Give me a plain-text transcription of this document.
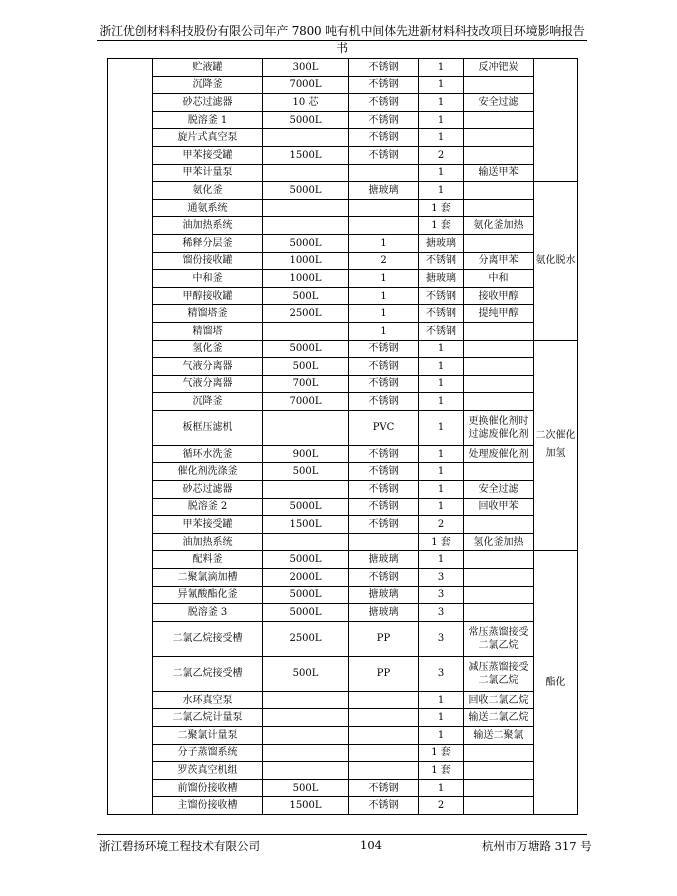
浙江优创材料科技股份有限公司年产 7800 吨有机中间体先进新材料科技改项目环境影响报告书
	贮液罐	300L	不锈钢	1	反冲钯炭	
	沉降釜	7000L	不锈钢	1		
	砂芯过滤器	10 芯	不锈钢	1	安全过滤	
	脱溶釜 1	5000L	不锈钢	1		
	旋片式真空泵		不锈钢	1		
	甲苯接受罐	1500L	不锈钢	2		
	甲苯计量泵			1	输送甲苯	
	氨化釜	5000L	搪玻璃	1		氨化脱水
	通氨系统			1 套		
	油加热系统			1 套	氨化釜加热	
	稀释分层釜	5000L	1	搪玻璃		
	馏份接收罐	1000L	2	不锈钢	分离甲苯	
	中和釜	1000L	1	搪玻璃	中和	
	甲醇接收罐	500L	1	不锈钢	接收甲醇	
	精馏塔釜	2500L	1	不锈钢	提纯甲醇	
	精馏塔		1	不锈钢		
	氢化釜	5000L	不锈钢	1		二次催化加氢
	气液分离器	500L	不锈钢	1		
	气液分离器	700L	不锈钢	1		
	沉降釜	7000L	不锈钢	1		
	板框压滤机		PVC	1	更换催化剂时过滤废催化剂	
	循环水洗釜	900L	不锈钢	1	处理废催化剂	
	催化剂洗涤釜	500L	不锈钢	1		
	砂芯过滤器		不锈钢	1	安全过滤	
	脱溶釜 2	5000L	不锈钢	1	回收甲苯	
	甲苯接受罐	1500L	不锈钢	2		
	油加热系统			1 套	氢化釜加热	
	配料釜	5000L	搪玻璃	1		酯化
	二聚氯滴加槽	2000L	不锈钢	3		
	异氰酸酯化釜	5000L	搪玻璃	3		
	脱溶釜 3	5000L	搪玻璃	3		
	二氯乙烷接受槽	2500L	PP	3	常压蒸馏接受二氯乙烷	
	二氯乙烷接受槽	500L	PP	3	减压蒸馏接受二氯乙烷	
	水环真空泵			1	回收二氯乙烷	
	二氯乙烷计量泵			1	输送二氯乙烷	
	二聚氯计量泵			1	输送二聚氯	
	分子蒸馏系统			1 套		
	罗茨真空机组			1 套		
	前馏份接收槽	500L	不锈钢	1		
	主馏份接收槽	1500L	不锈钢	2		
浙江碧扬环境工程技术有限公司	104	杭州市万塘路 317 号
